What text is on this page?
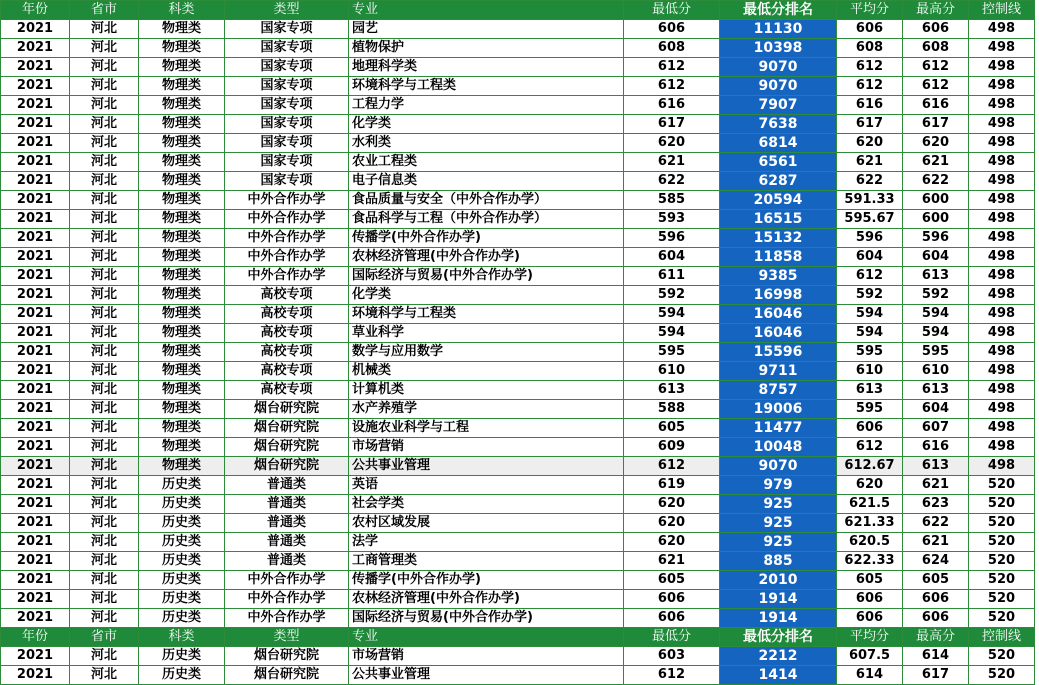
年份	省市	科类	类型	专业	最低分	最低分排名	平均分	最高分	控制线
2021	河北	物理类	国家专项	园艺	606	11130	606	606	498
2021	河北	物理类	国家专项	植物保护	608	10398	608	608	498
2021	河北	物理类	国家专项	地理科学类	612	9070	612	612	498
2021	河北	物理类	国家专项	环境科学与工程类	612	9070	612	612	498
2021	河北	物理类	国家专项	工程力学	616	7907	616	616	498
2021	河北	物理类	国家专项	化学类	617	7638	617	617	498
2021	河北	物理类	国家专项	水利类	620	6814	620	620	498
2021	河北	物理类	国家专项	农业工程类	621	6561	621	621	498
2021	河北	物理类	国家专项	电子信息类	622	6287	622	622	498
2021	河北	物理类	中外合作办学	食品质量与安全（中外合作办学）	585	20594	591.33	600	498
2021	河北	物理类	中外合作办学	食品科学与工程（中外合作办学）	593	16515	595.67	600	498
2021	河北	物理类	中外合作办学	传播学(中外合作办学)	596	15132	596	596	498
2021	河北	物理类	中外合作办学	农林经济管理(中外合作办学)	604	11858	604	604	498
2021	河北	物理类	中外合作办学	国际经济与贸易(中外合作办学)	611	9385	612	613	498
2021	河北	物理类	高校专项	化学类	592	16998	592	592	498
2021	河北	物理类	高校专项	环境科学与工程类	594	16046	594	594	498
2021	河北	物理类	高校专项	草业科学	594	16046	594	594	498
2021	河北	物理类	高校专项	数学与应用数学	595	15596	595	595	498
2021	河北	物理类	高校专项	机械类	610	9711	610	610	498
2021	河北	物理类	高校专项	计算机类	613	8757	613	613	498
2021	河北	物理类	烟台研究院	水产养殖学	588	19006	595	604	498
2021	河北	物理类	烟台研究院	设施农业科学与工程	605	11477	606	607	498
2021	河北	物理类	烟台研究院	市场营销	609	10048	612	616	498
2021	河北	物理类	烟台研究院	公共事业管理	612	9070	612.67	613	498
2021	河北	历史类	普通类	英语	619	979	620	621	520
2021	河北	历史类	普通类	社会学类	620	925	621.5	623	520
2021	河北	历史类	普通类	农村区域发展	620	925	621.33	622	520
2021	河北	历史类	普通类	法学	620	925	620.5	621	520
2021	河北	历史类	普通类	工商管理类	621	885	622.33	624	520
2021	河北	历史类	中外合作办学	传播学(中外合作办学)	605	2010	605	605	520
2021	河北	历史类	中外合作办学	农林经济管理(中外合作办学)	606	1914	606	606	520
2021	河北	历史类	中外合作办学	国际经济与贸易(中外合作办学)	606	1914	606	606	520
年份	省市	科类	类型	专业	最低分	最低分排名	平均分	最高分	控制线
2021	河北	历史类	烟台研究院	市场营销	603	2212	607.5	614	520
2021	河北	历史类	烟台研究院	公共事业管理	612	1414	614	617	520
